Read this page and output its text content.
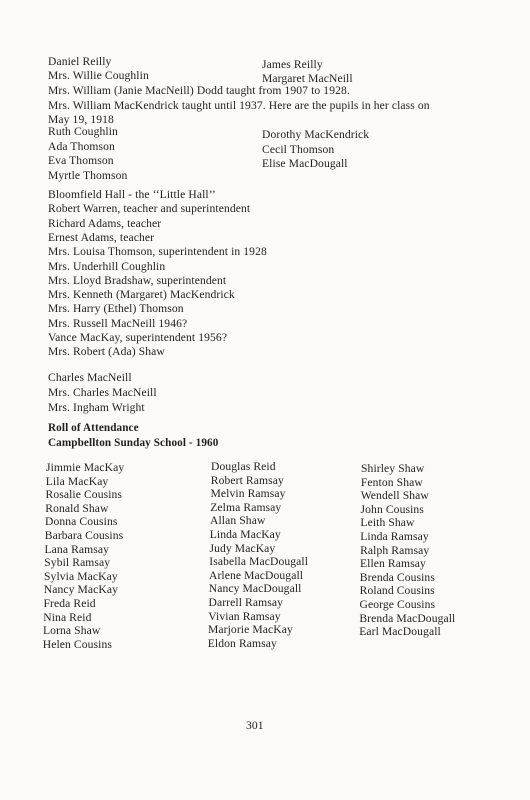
Daniel Reilly
Mrs. Willie Coughlin
James Reilly
Margaret MacNeill
Mrs. William (Janie MacNeill) Dodd taught from 1907 to 1928.
Mrs. William MacKendrick taught until 1937. Here are the pupils in her class on
May 19, 1918
Ruth Coughlin
Ada Thomson
Eva Thomson
Myrtle Thomson
Dorothy MacKendrick
Cecil Thomson
Elise MacDougall
Bloomfield Hall - the ‘‘Little Hall’’
Robert Warren, teacher and superintendent
Richard Adams, teacher
Ernest Adams, teacher
Mrs. Louisa Thomson, superintendent in 1928
Mrs. Underhill Coughlin
Mrs. Lloyd Bradshaw, superintendent
Mrs. Kenneth (Margaret) MacKendrick
Mrs. Harry (Ethel) Thomson
Mrs. Russell MacNeill 1946?
Vance MacKay, superintendent 1956?
Mrs. Robert (Ada) Shaw
Charles MacNeill
Mrs. Charles MacNeill
Mrs. Ingham Wright
Roll of Attendance
Campbellton Sunday School - 1960
Jimmie MacKay
Lila MacKay
Rosalie Cousins
Ronald Shaw
Donna Cousins
Barbara Cousins
Lana Ramsay
Sybil Ramsay
Sylvia MacKay
Nancy MacKay
Freda Reid
Nina Reid
Lorna Shaw
Helen Cousins
Douglas Reid
Robert Ramsay
Melvin Ramsay
Zelma Ramsay
Allan Shaw
Linda MacKay
Judy MacKay
Isabella MacDougall
Arlene MacDougall
Nancy MacDougall
Darrell Ramsay
Vivian Ramsay
Marjorie MacKay
Eldon Ramsay
Shirley Shaw
Fenton Shaw
Wendell Shaw
John Cousins
Leith Shaw
Linda Ramsay
Ralph Ramsay
Ellen Ramsay
Brenda Cousins
Roland Cousins
George Cousins
Brenda MacDougall
Earl MacDougall
301
